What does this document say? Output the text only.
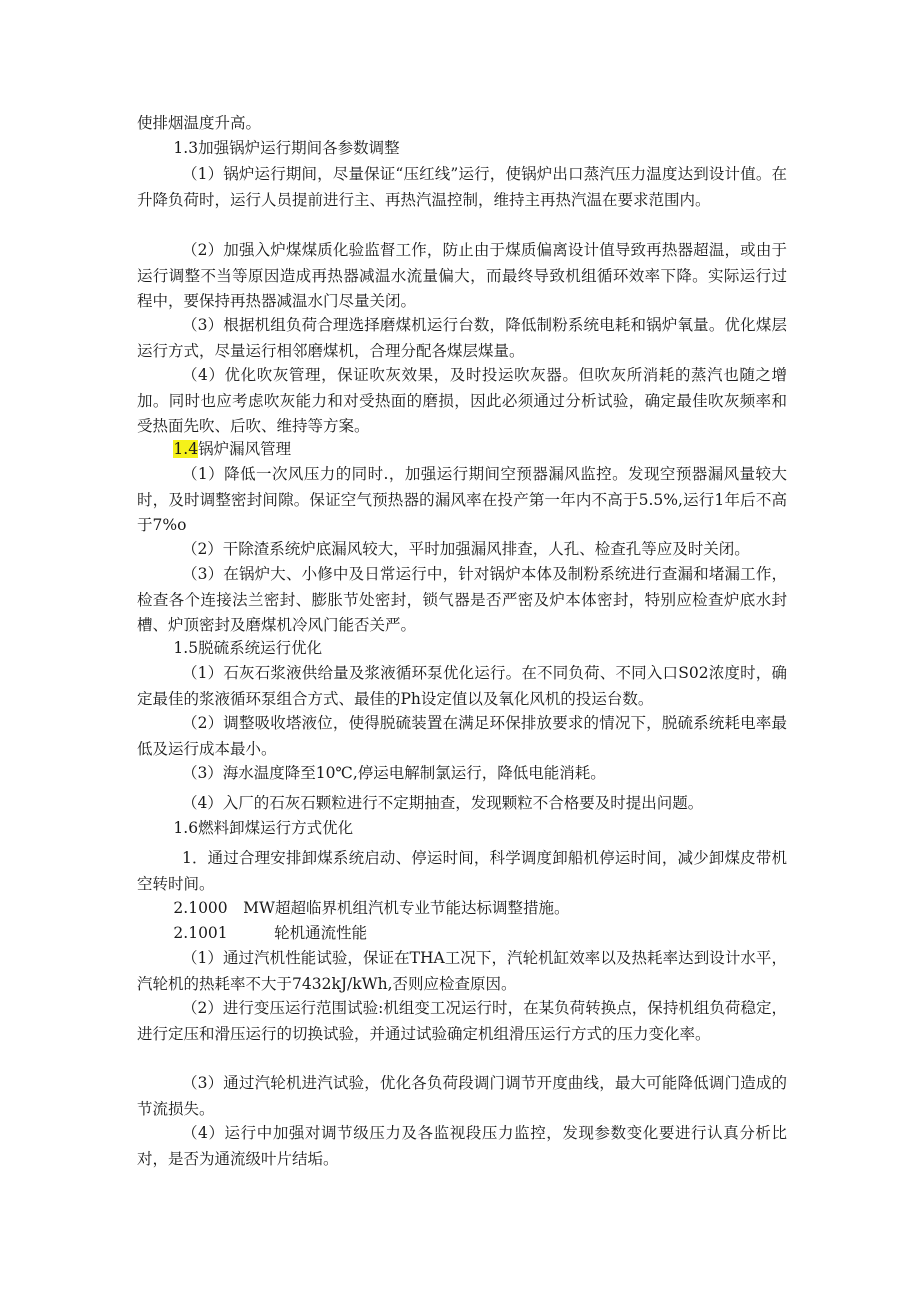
使排烟温度升高。

1.3加强锅炉运行期间各参数调整

（1）锅炉运行期间，尽量保证“压红线”运行，使锅炉出口蒸汽压力温度达到设计值。在升降负荷时，运行人员提前进行主、再热汽温控制，维持主再热汽温在要求范围内。

（2）加强入炉煤煤质化验监督工作，防止由于煤质偏离设计值导致再热器超温，或由于运行调整不当等原因造成再热器减温水流量偏大，而最终导致机组循环效率下降。实际运行过程中，要保持再热器减温水门尽量关闭。

（3）根据机组负荷合理选择磨煤机运行台数，降低制粉系统电耗和锅炉氧量。优化煤层运行方式，尽量运行相邻磨煤机，合理分配各煤层煤量。

（4）优化吹灰管理，保证吹灰效果，及时投运吹灰器。但吹灰所消耗的蒸汽也随之增加。同时也应考虑吹灰能力和对受热面的磨损，因此必须通过分析试验，确定最佳吹灰频率和受热面先吹、后吹、维持等方案。

1.4锅炉漏风管理

（1）降低一次风压力的同时.，加强运行期间空预器漏风监控。发现空预器漏风量较大时，及时调整密封间隙。保证空气预热器的漏风率在投产第一年内不高于5.5%,运行1年后不高于7%o

（2）干除渣系统炉底漏风较大，平时加强漏风排查，人孔、检查孔等应及时关闭。

（3）在锅炉大、小修中及日常运行中，针对锅炉本体及制粉系统进行查漏和堵漏工作，检查各个连接法兰密封、膨胀节处密封，锁气器是否严密及炉本体密封，特别应检查炉底水封槽、炉顶密封及磨煤机冷风门能否关严。

1.5脱硫系统运行优化

（1）石灰石浆液供给量及浆液循环泵优化运行。在不同负荷、不同入口S02浓度时，确定最佳的浆液循环泵组合方式、最佳的Ph设定值以及氧化风机的投运台数。

（2）调整吸收塔液位，使得脱硫装置在满足环保排放要求的情况下，脱硫系统耗电率最低及运行成本最小。

（3）海水温度降至10℃,停运电解制氯运行，降低电能消耗。

（4）入厂的石灰石颗粒进行不定期抽查，发现颗粒不合格要及时提出问题。

1.6燃料卸煤运行方式优化

1．通过合理安排卸煤系统启动、停运时间，科学调度卸船机停运时间，减少卸煤皮带机空转时间。

2.1000　MW超超临界机组汽机专业节能达标调整措施。

2.1001　　　轮机通流性能

（1）通过汽机性能试验，保证在THA工况下，汽轮机缸效率以及热耗率达到设计水平，汽轮机的热耗率不大于7432kJ/kWh,否则应检查原因。

（2）进行变压运行范围试验:机组变工况运行时，在某负荷转换点，保持机组负荷稳定，进行定压和滑压运行的切换试验，并通过试验确定机组滑压运行方式的压力变化率。

（3）通过汽轮机进汽试验，优化各负荷段调门调节开度曲线，最大可能降低调门造成的节流损失。

（4）运行中加强对调节级压力及各监视段压力监控，发现参数变化要进行认真分析比对，是否为通流级叶片结垢。
